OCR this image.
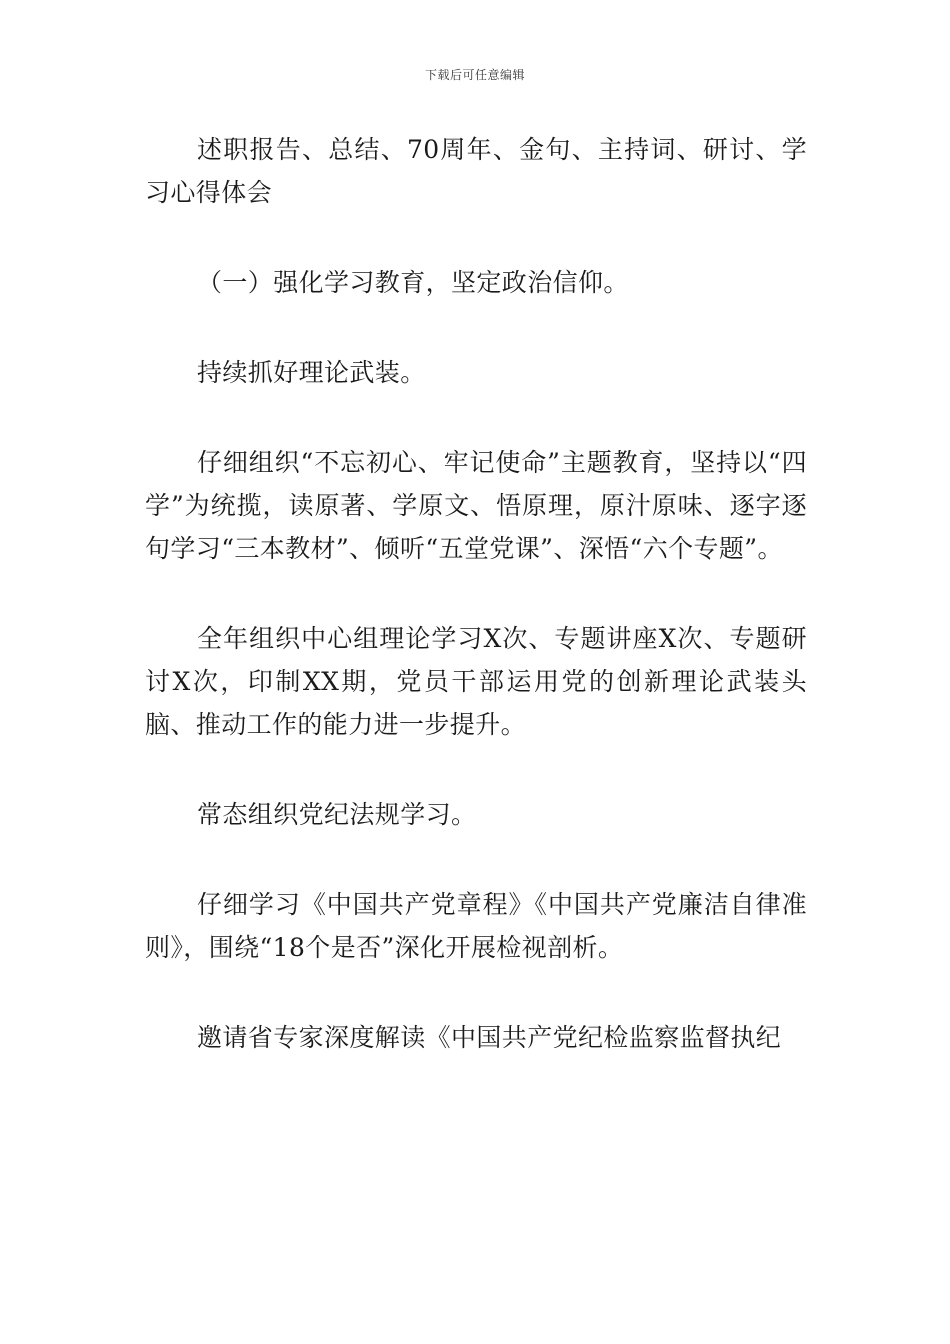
下载后可任意编辑

述职报告、总结、70周年、金句、主持词、研讨、学习心得体会

（一）强化学习教育，坚定政治信仰。

持续抓好理论武装。

仔细组织“不忘初心、牢记使命”主题教育，坚持以“四学”为统揽，读原著、学原文、悟原理，原汁原味、逐字逐句学习“三本教材”、倾听“五堂党课”、深悟“六个专题”。

全年组织中心组理论学习X次、专题讲座X次、专题研讨X次，印制XX期，党员干部运用党的创新理论武装头脑、推动工作的能力进一步提升。

常态组织党纪法规学习。

仔细学习《中国共产党章程》《中国共产党廉洁自律准则》，围绕“18个是否”深化开展检视剖析。

邀请省专家深度解读《中国共产党纪检监察监督执纪
